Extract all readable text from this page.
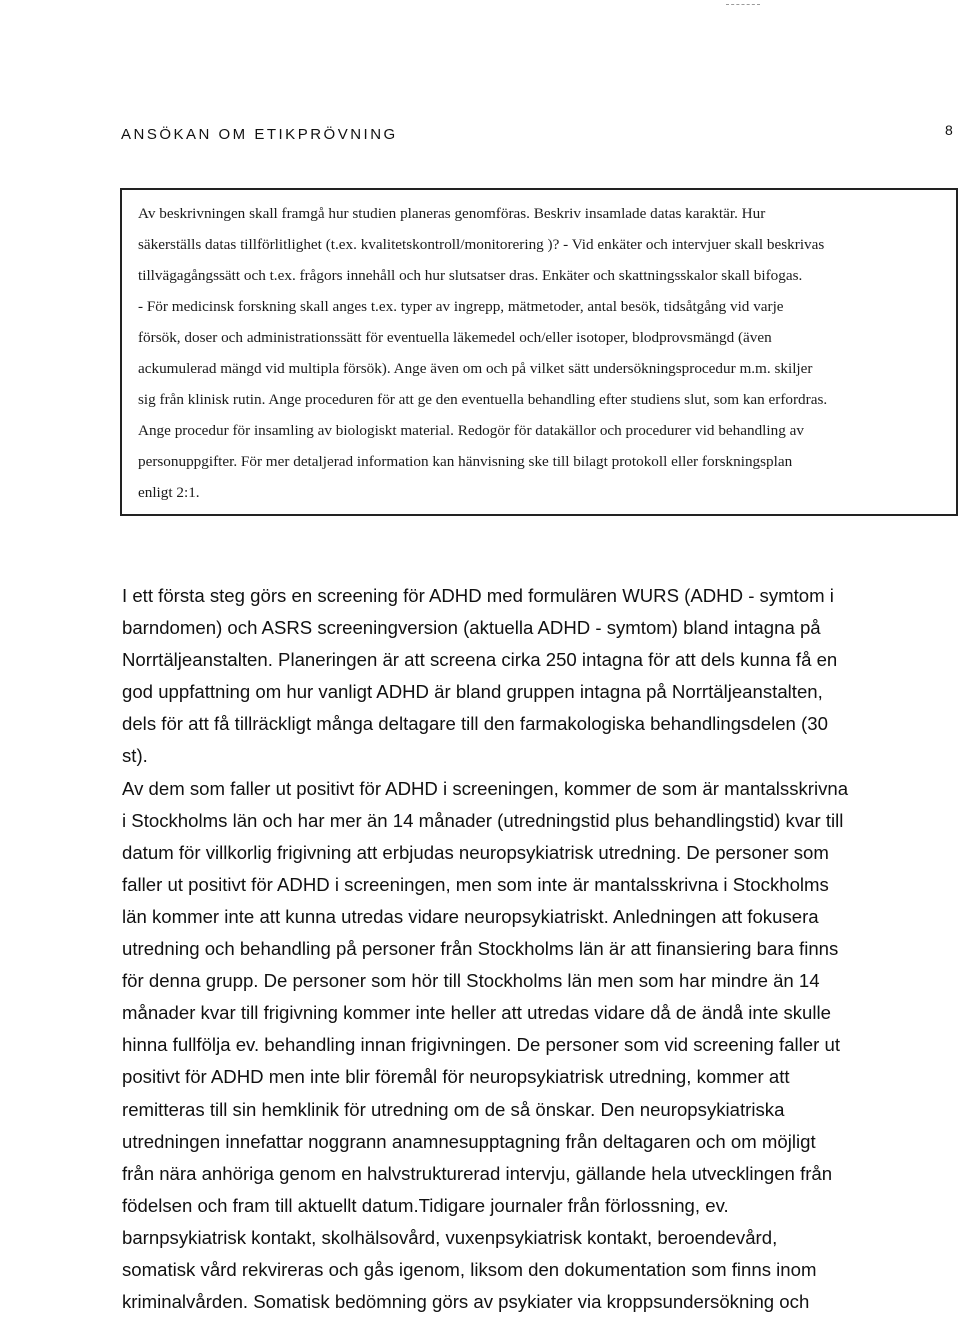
ANSÖKAN OM ETIKPRÖVNING	8

Av beskrivningen skall framgå hur studien planeras genomföras. Beskriv insamlade datas karaktär. Hur

säkerställs datas tillförlitlighet (t.ex. kvalitetskontroll/monitorering )? - Vid enkäter och intervjuer skall beskrivas

tillvägagångssätt och t.ex. frågors innehåll och hur slutsatser dras. Enkäter och skattningsskalor skall bifogas.

- För medicinsk forskning skall anges t.ex. typer av ingrepp, mätmetoder, antal besök, tidsåtgång vid varje

försök, doser och administrationssätt för eventuella läkemedel och/eller isotoper, blodprovsmängd (även

ackumulerad mängd vid multipla försök). Ange även om och på vilket sätt undersökningsprocedur m.m. skiljer

sig från klinisk rutin. Ange proceduren för att ge den eventuella behandling efter studiens slut, som kan erfordras.

Ange procedur för insamling av biologiskt material. Redogör för datakällor och procedurer vid behandling av

personuppgifter. För mer detaljerad information kan hänvisning ske till bilagt protokoll eller forskningsplan

enligt 2:1.

I ett första steg görs en screening för ADHD med formulären WURS (ADHD - symtom i

barndomen) och ASRS screeningversion (aktuella ADHD - symtom) bland intagna på

Norrtäljeanstalten. Planeringen är att screena cirka 250 intagna för att dels kunna få en

god uppfattning om hur vanligt ADHD är bland gruppen intagna på Norrtäljeanstalten,

dels för att få tillräckligt många deltagare till den farmakologiska behandlingsdelen (30

st).

Av dem som faller ut positivt för ADHD i screeningen, kommer de som är mantalsskrivna

i Stockholms län och har mer än 14 månader (utredningstid plus behandlingstid) kvar till

datum för villkorlig frigivning att erbjudas neuropsykiatrisk utredning. De personer som

faller ut positivt för ADHD i screeningen, men som inte är mantalsskrivna i Stockholms

län kommer inte att kunna utredas vidare neuropsykiatriskt. Anledningen att fokusera

utredning och behandling på personer från Stockholms län är att finansiering bara finns

för denna grupp. De personer som hör till Stockholms län men som har mindre än 14

månader kvar till frigivning kommer inte heller att utredas vidare då de ändå inte skulle

hinna fullfölja ev. behandling innan frigivningen. De personer som vid screening faller ut

positivt för ADHD men inte blir föremål för neuropsykiatrisk utredning, kommer att

remitteras till sin hemklinik för utredning om de så önskar. Den neuropsykiatriska

utredningen innefattar noggrann anamnesupptagning från deltagaren och om möjligt

från nära anhöriga genom en halvstrukturerad intervju, gällande hela utvecklingen från

födelsen och fram till aktuellt datum.Tidigare journaler från förlossning, ev.

barnpsykiatrisk kontakt, skolhälsovård, vuxenpsykiatrisk kontakt, beroendevård,

somatisk vård rekvireras och gås igenom, liksom den dokumentation som finns inom

kriminalvården. Somatisk bedömning görs av psykiater via kroppsundersökning och
